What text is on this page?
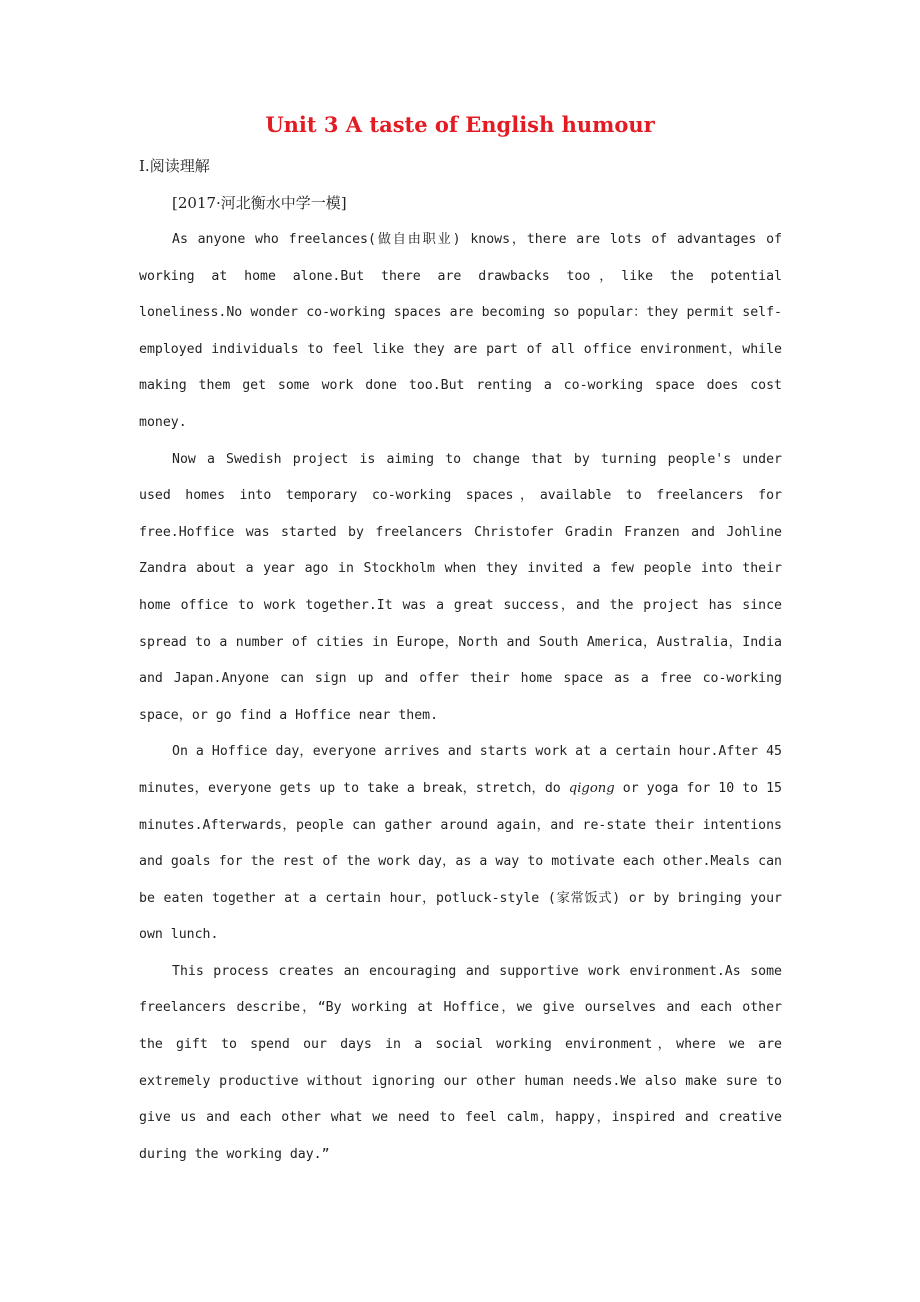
Unit 3 A taste of English humour
I.阅读理解
[2017·河北衡水中学一模]

As anyone who freelances(做自由职业) knows，there are lots of advantages of working at home alone.But there are drawbacks too，like the potential loneliness.No wonder co-working spaces are becoming so popular：they permit self-employed individuals to feel like they are part of all office environment，while making them get some work done too.But renting a co-working space does cost money.

Now a Swedish project is aiming to change that by turning people's under used homes into temporary co-working spaces，available to freelancers for free.Hoffice was started by freelancers Christofer Gradin Franzen and Johline Zandra about a year ago in Stockholm when they invited a few people into their home office to work together.It was a great success，and the project has since spread to a number of cities in Europe，North and South America，Australia，India and Japan.Anyone can sign up and offer their home space as a free co-working space，or go find a Hoffice near them.

On a Hoffice day，everyone arrives and starts work at a certain hour.After 45 minutes，everyone gets up to take a break，stretch，do qigong or yoga for 10 to 15 minutes.Afterwards，people can gather around again，and re-state their intentions and goals for the rest of the work day，as a way to motivate each other.Meals can be eaten together at a certain hour，potluck-style (家常饭式) or by bringing your own lunch.

This process creates an encouraging and supportive work environment.As some freelancers describe，“By working at Hoffice，we give ourselves and each other the gift to spend our days in a social working environment，where we are extremely productive without ignoring our other human needs.We also make sure to give us and each other what we need to feel calm，happy，inspired and creative during the working day.”
